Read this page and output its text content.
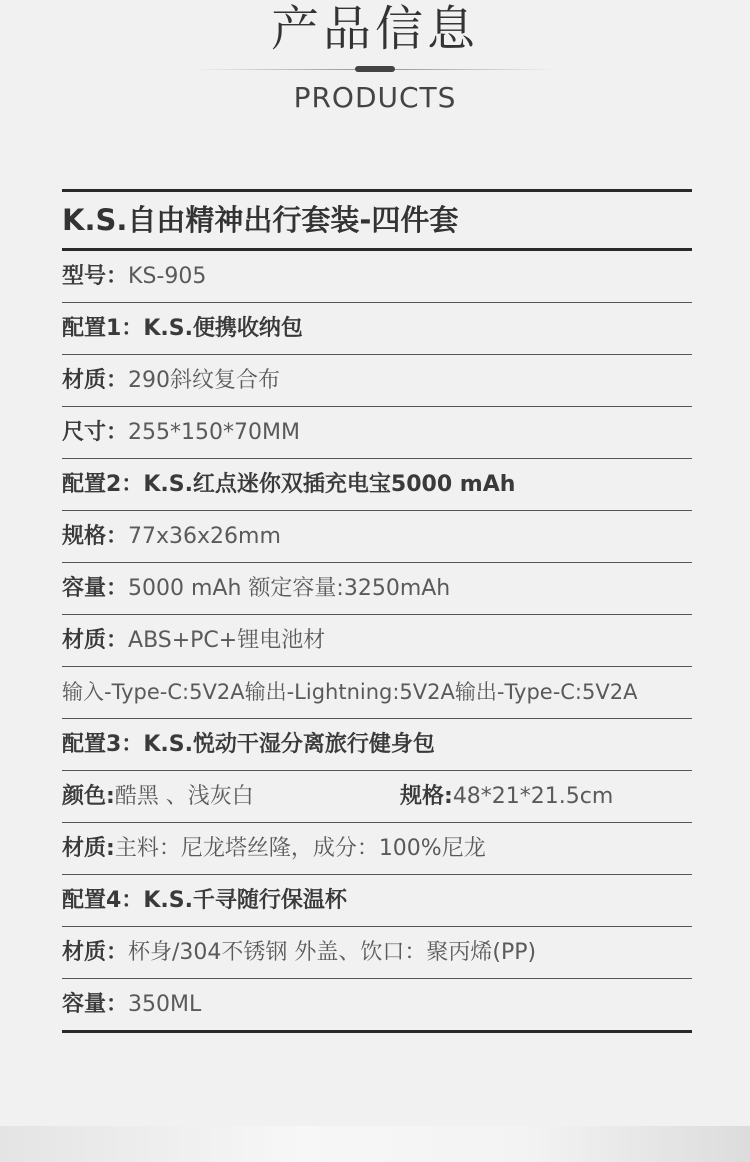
产品信息
PRODUCTS
K.S.自由精神出行套装-四件套
型号：KS-905
配置1：K.S.便携收纳包
材质：290斜纹复合布
尺寸：255*150*70MM
配置2：K.S.红点迷你双插充电宝5000 mAh
规格：77x36x26mm
容量：5000 mAh 额定容量:3250mAh
材质：ABS+PC+锂电池材
输入-Type-C:5V2A输出-Lightning:5V2A输出-Type-C:5V2A
配置3：K.S.悦动干湿分离旅行健身包
颜色:酷黑 、浅灰白	规格:48*21*21.5cm
材质:主料：尼龙塔丝隆，成分：100%尼龙
配置4：K.S.千寻随行保温杯
材质：杯身/304不锈钢 外盖、饮口：聚丙烯(PP)
容量：350ML
